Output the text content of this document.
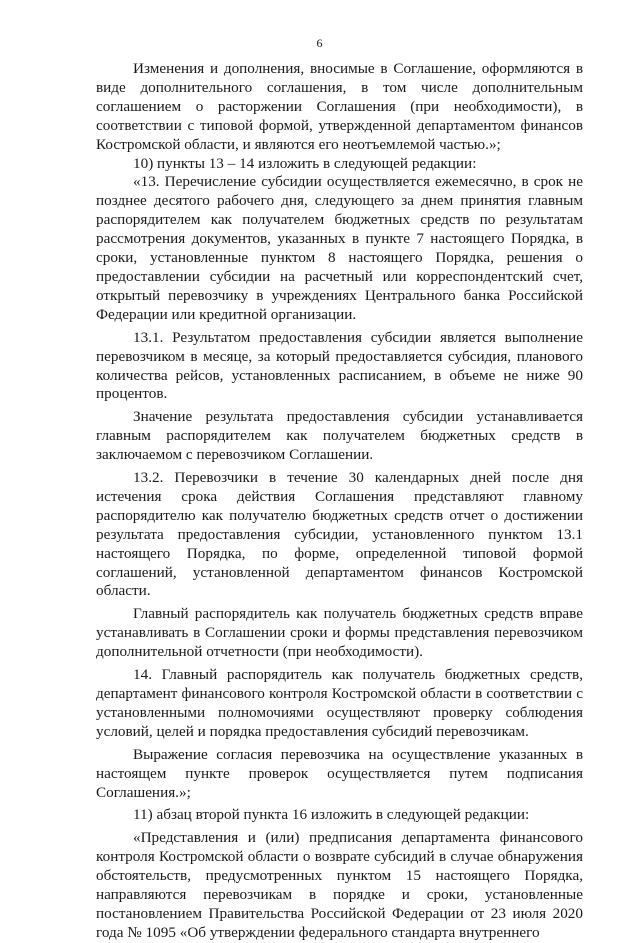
6

Изменения и дополнения, вносимые в Соглашение, оформляются в виде дополнительного соглашения, в том числе дополнительным соглашением о расторжении Соглашения (при необходимости), в соответствии с типовой формой, утвержденной департаментом финансов Костромской области, и являются его неотъемлемой частью.»;

10) пункты 13 – 14 изложить в следующей редакции:

«13. Перечисление субсидии осуществляется ежемесячно, в срок не позднее десятого рабочего дня, следующего за днем принятия главным распорядителем как получателем бюджетных средств по результатам рассмотрения документов, указанных в пункте 7 настоящего Порядка, в сроки, установленные пунктом 8 настоящего Порядка, решения о предоставлении субсидии на расчетный или корреспондентский счет, открытый перевозчику в учреждениях Центрального банка Российской Федерации или кредитной организации.

13.1. Результатом предоставления субсидии является выполнение перевозчиком в месяце, за который предоставляется субсидия, планового количества рейсов, установленных расписанием, в объеме не ниже 90 процентов.

Значение результата предоставления субсидии устанавливается главным распорядителем как получателем бюджетных средств в заключаемом с перевозчиком Соглашении.

13.2. Перевозчики в течение 30 календарных дней после дня истечения срока действия Соглашения представляют главному распорядителю как получателю бюджетных средств отчет о достижении результата предоставления субсидии, установленного пунктом 13.1 настоящего Порядка, по форме, определенной типовой формой соглашений, установленной департаментом финансов Костромской области.

Главный распорядитель как получатель бюджетных средств вправе устанавливать в Соглашении сроки и формы представления перевозчиком дополнительной отчетности (при необходимости).

14. Главный распорядитель как получатель бюджетных средств, департамент финансового контроля Костромской области в соответствии с установленными полномочиями осуществляют проверку соблюдения условий, целей и порядка предоставления субсидий перевозчикам.

Выражение согласия перевозчика на осуществление указанных в настоящем пункте проверок осуществляется путем подписания Соглашения.»;

11) абзац второй пункта 16 изложить в следующей редакции:

«Представления и (или) предписания департамента финансового контроля Костромской области о возврате субсидий в случае обнаружения обстоятельств, предусмотренных пунктом 15 настоящего Порядка, направляются перевозчикам в порядке и сроки, установленные постановлением Правительства Российской Федерации от 23 июля 2020 года № 1095 «Об утверждении федерального стандарта внутреннего
